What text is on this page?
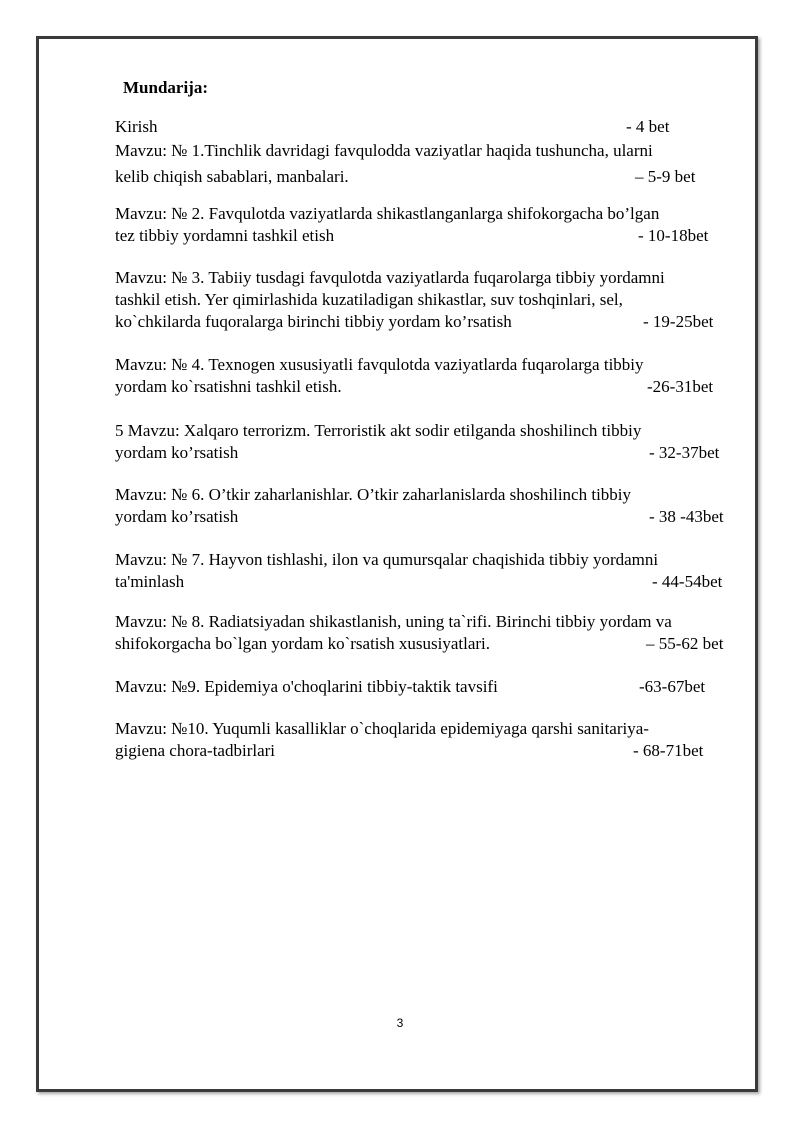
Mundarija:
Kirish	- 4 bet
Mavzu: № 1.Tinchlik davridagi favqulodda vaziyatlar haqida tushuncha, ularni
kelib chiqish sabablari, manbalari.	– 5-9 bet
Mavzu: № 2. Favqulotda vaziyatlarda shikastlanganlarga shifokorgacha bo’lgan
tez tibbiy yordamni tashkil etish	- 10-18bet
Mavzu: № 3. Tabiiy tusdagi favqulotda vaziyatlarda fuqarolarga tibbiy yordamni
tashkil etish. Yer qimirlashida kuzatiladigan shikastlar, suv toshqinlari, sel,
ko`chkilarda fuqoralarga birinchi tibbiy yordam ko’rsatish	- 19-25bet
Mavzu: № 4. Texnogen xususiyatli favqulotda vaziyatlarda fuqarolarga tibbiy
yordam ko`rsatishni tashkil etish.	-26-31bet
5 Mavzu: Xalqaro terrorizm. Terroristik akt sodir etilganda shoshilinch tibbiy
yordam ko’rsatish	- 32-37bet
Mavzu: № 6. O’tkir zaharlanishlar. O’tkir zaharlanislarda shoshilinch tibbiy
yordam ko’rsatish	- 38 -43bet
Mavzu: № 7. Hayvon tishlashi, ilon va qumursqalar chaqishida tibbiy yordamni
ta'minlash	- 44-54bet
Mavzu: № 8. Radiatsiyadan shikastlanish, uning ta`rifi. Birinchi tibbiy yordam va
shifokorgacha bo`lgan yordam ko`rsatish xususiyatlari.	– 55-62 bet
Mavzu: №9. Epidemiya o'choqlarini tibbiy-taktik tavsifi	-63-67bet
Mavzu: №10. Yuqumli kasalliklar o`choqlarida epidemiyaga qarshi sanitariya-
gigiena chora-tadbirlari	- 68-71bet
3
